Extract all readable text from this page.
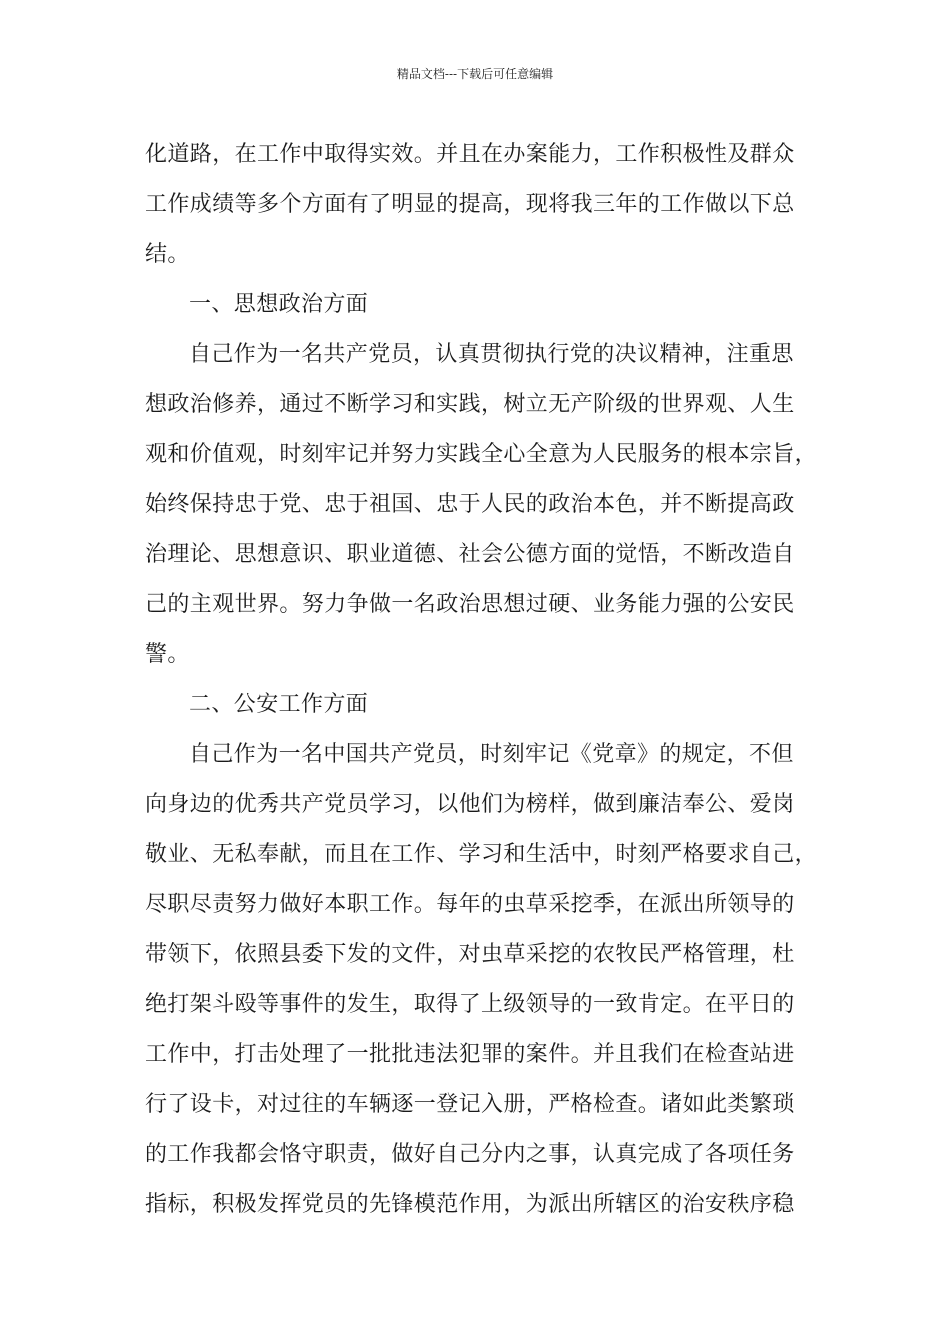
精品文档---下载后可任意编辑
化道路，在工作中取得实效。并且在办案能力，工作积极性及群众
工作成绩等多个方面有了明显的提高，现将我三年的工作做以下总
结。
一、思想政治方面
自己作为一名共产党员，认真贯彻执行党的决议精神，注重思
想政治修养，通过不断学习和实践，树立无产阶级的世界观、人生
观和价值观，时刻牢记并努力实践全心全意为人民服务的根本宗旨，
始终保持忠于党、忠于祖国、忠于人民的政治本色，并不断提高政
治理论、思想意识、职业道德、社会公德方面的觉悟，不断改造自
己的主观世界。努力争做一名政治思想过硬、业务能力强的公安民
警。
二、公安工作方面
自己作为一名中国共产党员，时刻牢记《党章》的规定，不但
向身边的优秀共产党员学习，以他们为榜样，做到廉洁奉公、爱岗
敬业、无私奉献，而且在工作、学习和生活中，时刻严格要求自己，
尽职尽责努力做好本职工作。每年的虫草采挖季，在派出所领导的
带领下，依照县委下发的文件，对虫草采挖的农牧民严格管理，杜
绝打架斗殴等事件的发生，取得了上级领导的一致肯定。在平日的
工作中，打击处理了一批批违法犯罪的案件。并且我们在检查站进
行了设卡，对过往的车辆逐一登记入册，严格检查。诸如此类繁琐
的工作我都会恪守职责，做好自己分内之事，认真完成了各项任务
指标，积极发挥党员的先锋模范作用，为派出所辖区的治安秩序稳
